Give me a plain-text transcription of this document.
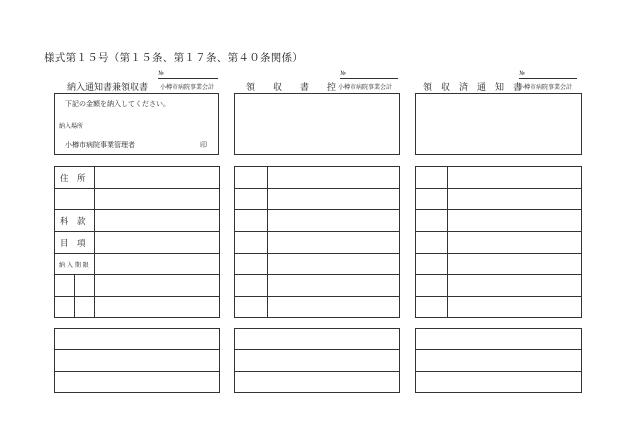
様式第１５号（第１５条、第１７条、第４０条関係）
№
納入通知書兼領収書 小樽市病院事業会計
№
領　　収　　書　　控 小樽市病院事業会計
№
領　収　済　通　知　書
小樽市病院事業会計
下記の金額を納入してください。
納入場所
小樽市病院事業管理者	印
住　所		

科　款		
目　項		
納 入 期 限		
